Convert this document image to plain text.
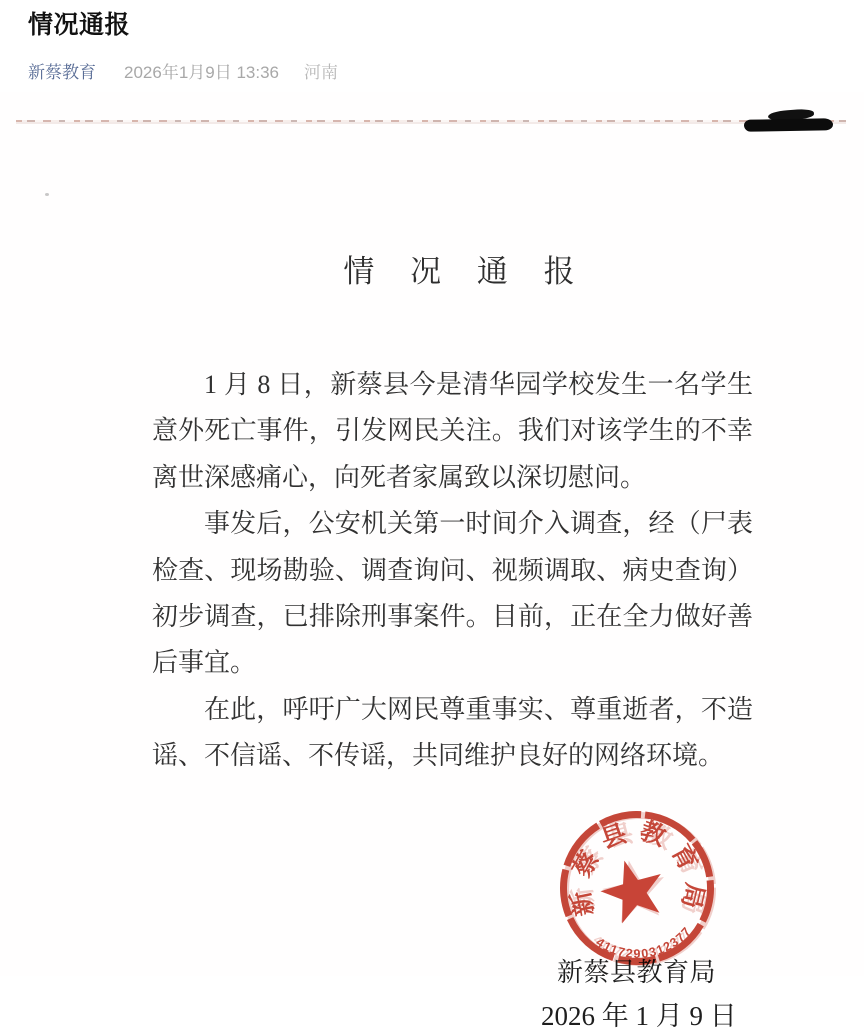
情况通报
新蔡教育 2026年1月9日 13:36 河南
情 况 通 报

1 月 8 日，新蔡县今是清华园学校发生一名学生意外死亡事件，引发网民关注。我们对该学生的不幸离世深感痛心，向死者家属致以深切慰问。

事发后，公安机关第一时间介入调查，经（尸表检查、现场勘验、调查询问、视频调取、病史查询）初步调查，已排除刑事案件。目前，正在全力做好善后事宜。

在此，呼吁广大网民尊重事实、尊重逝者，不造谣、不信谣、不传谣，共同维护良好的网络环境。

新蔡县教育局
2026 年 1 月 9 日
新蔡县教育局
4117290312377
